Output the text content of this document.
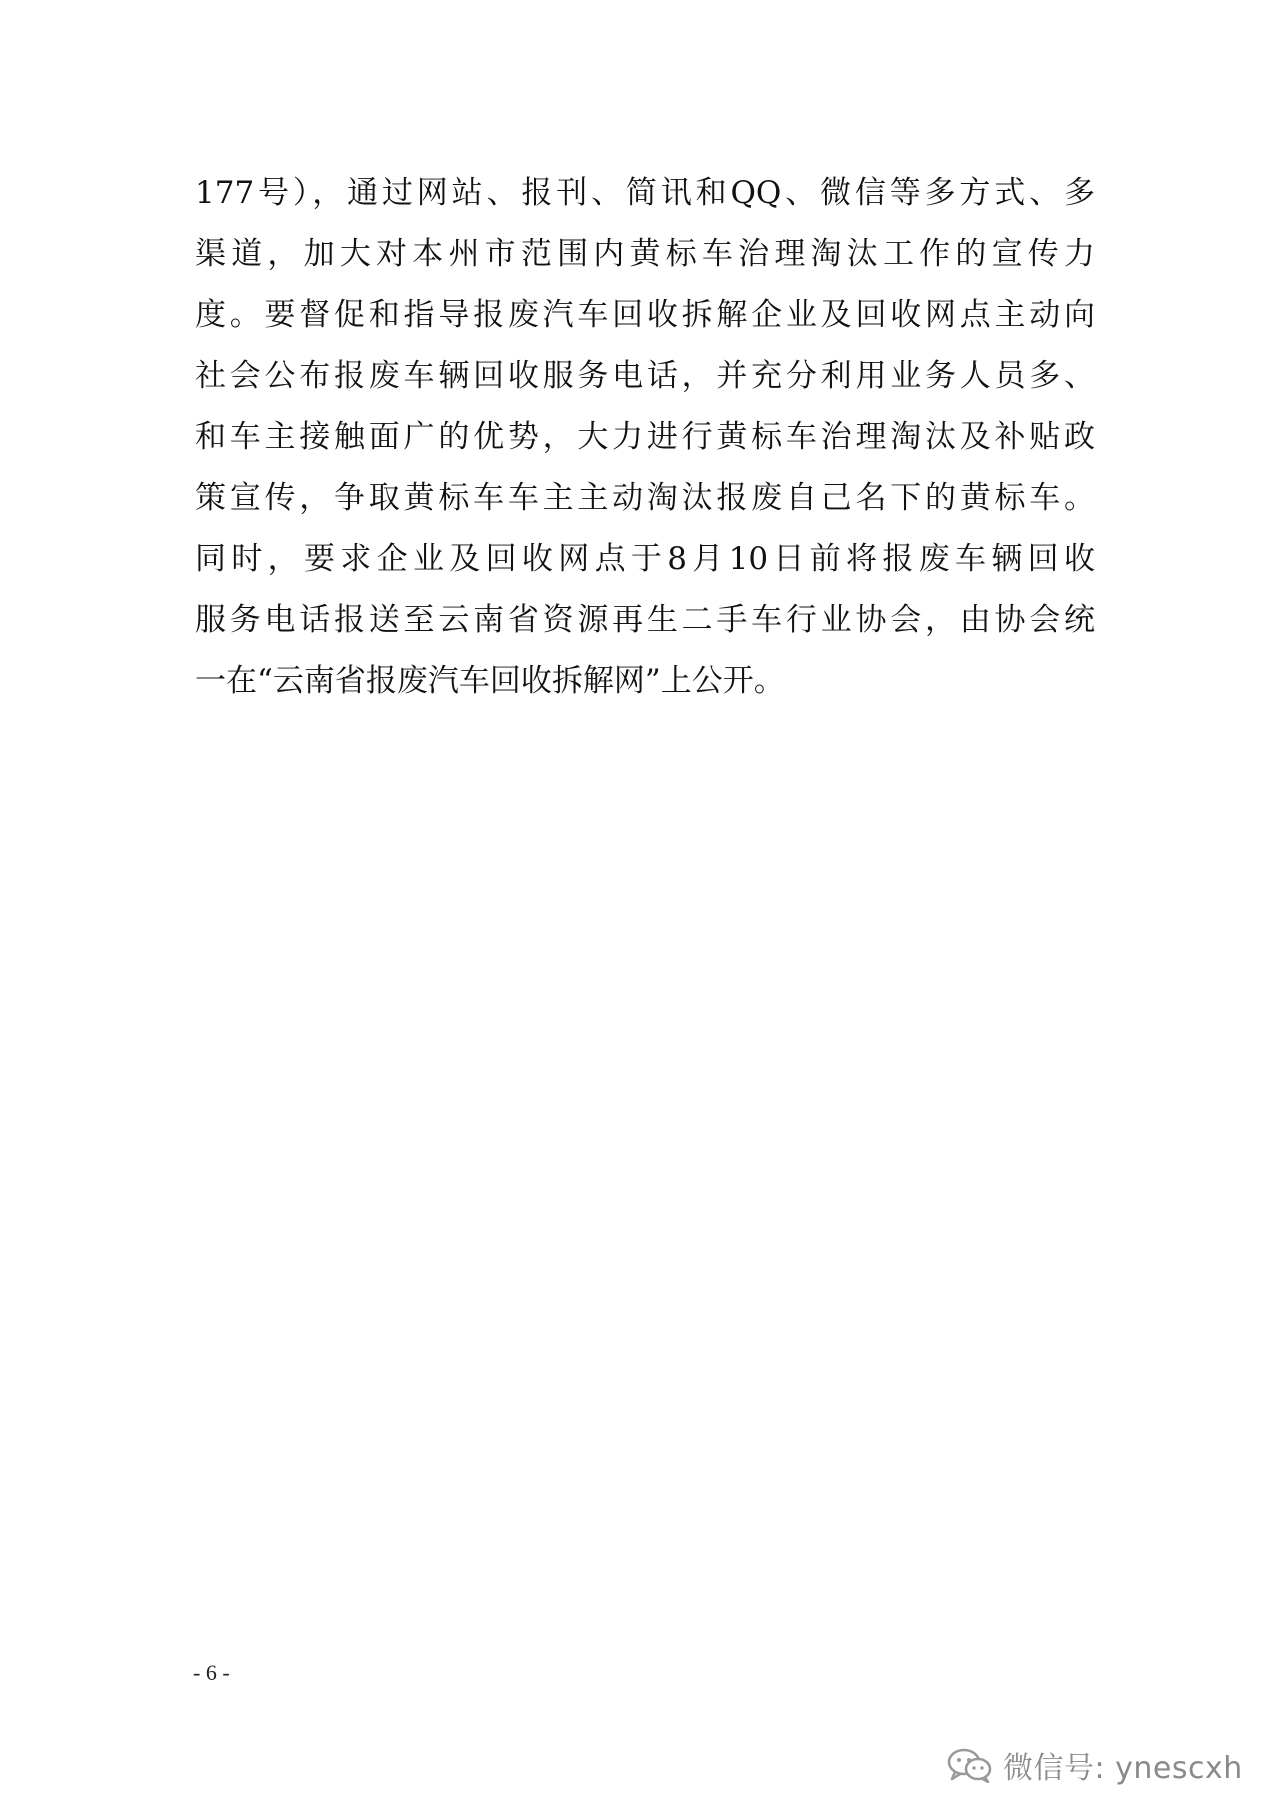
177号），通过网站、报刊、简讯和QQ、微信等多方式、多
渠道，加大对本州市范围内黄标车治理淘汰工作的宣传力
度。要督促和指导报废汽车回收拆解企业及回收网点主动向
社会公布报废车辆回收服务电话，并充分利用业务人员多、
和车主接触面广的优势，大力进行黄标车治理淘汰及补贴政
策宣传，争取黄标车车主主动淘汰报废自己名下的黄标车。
同时，要求企业及回收网点于8月10日前将报废车辆回收
服务电话报送至云南省资源再生二手车行业协会，由协会统
一在“云南省报废汽车回收拆解网”上公开。
- 6 -
微信号: ynescxh
